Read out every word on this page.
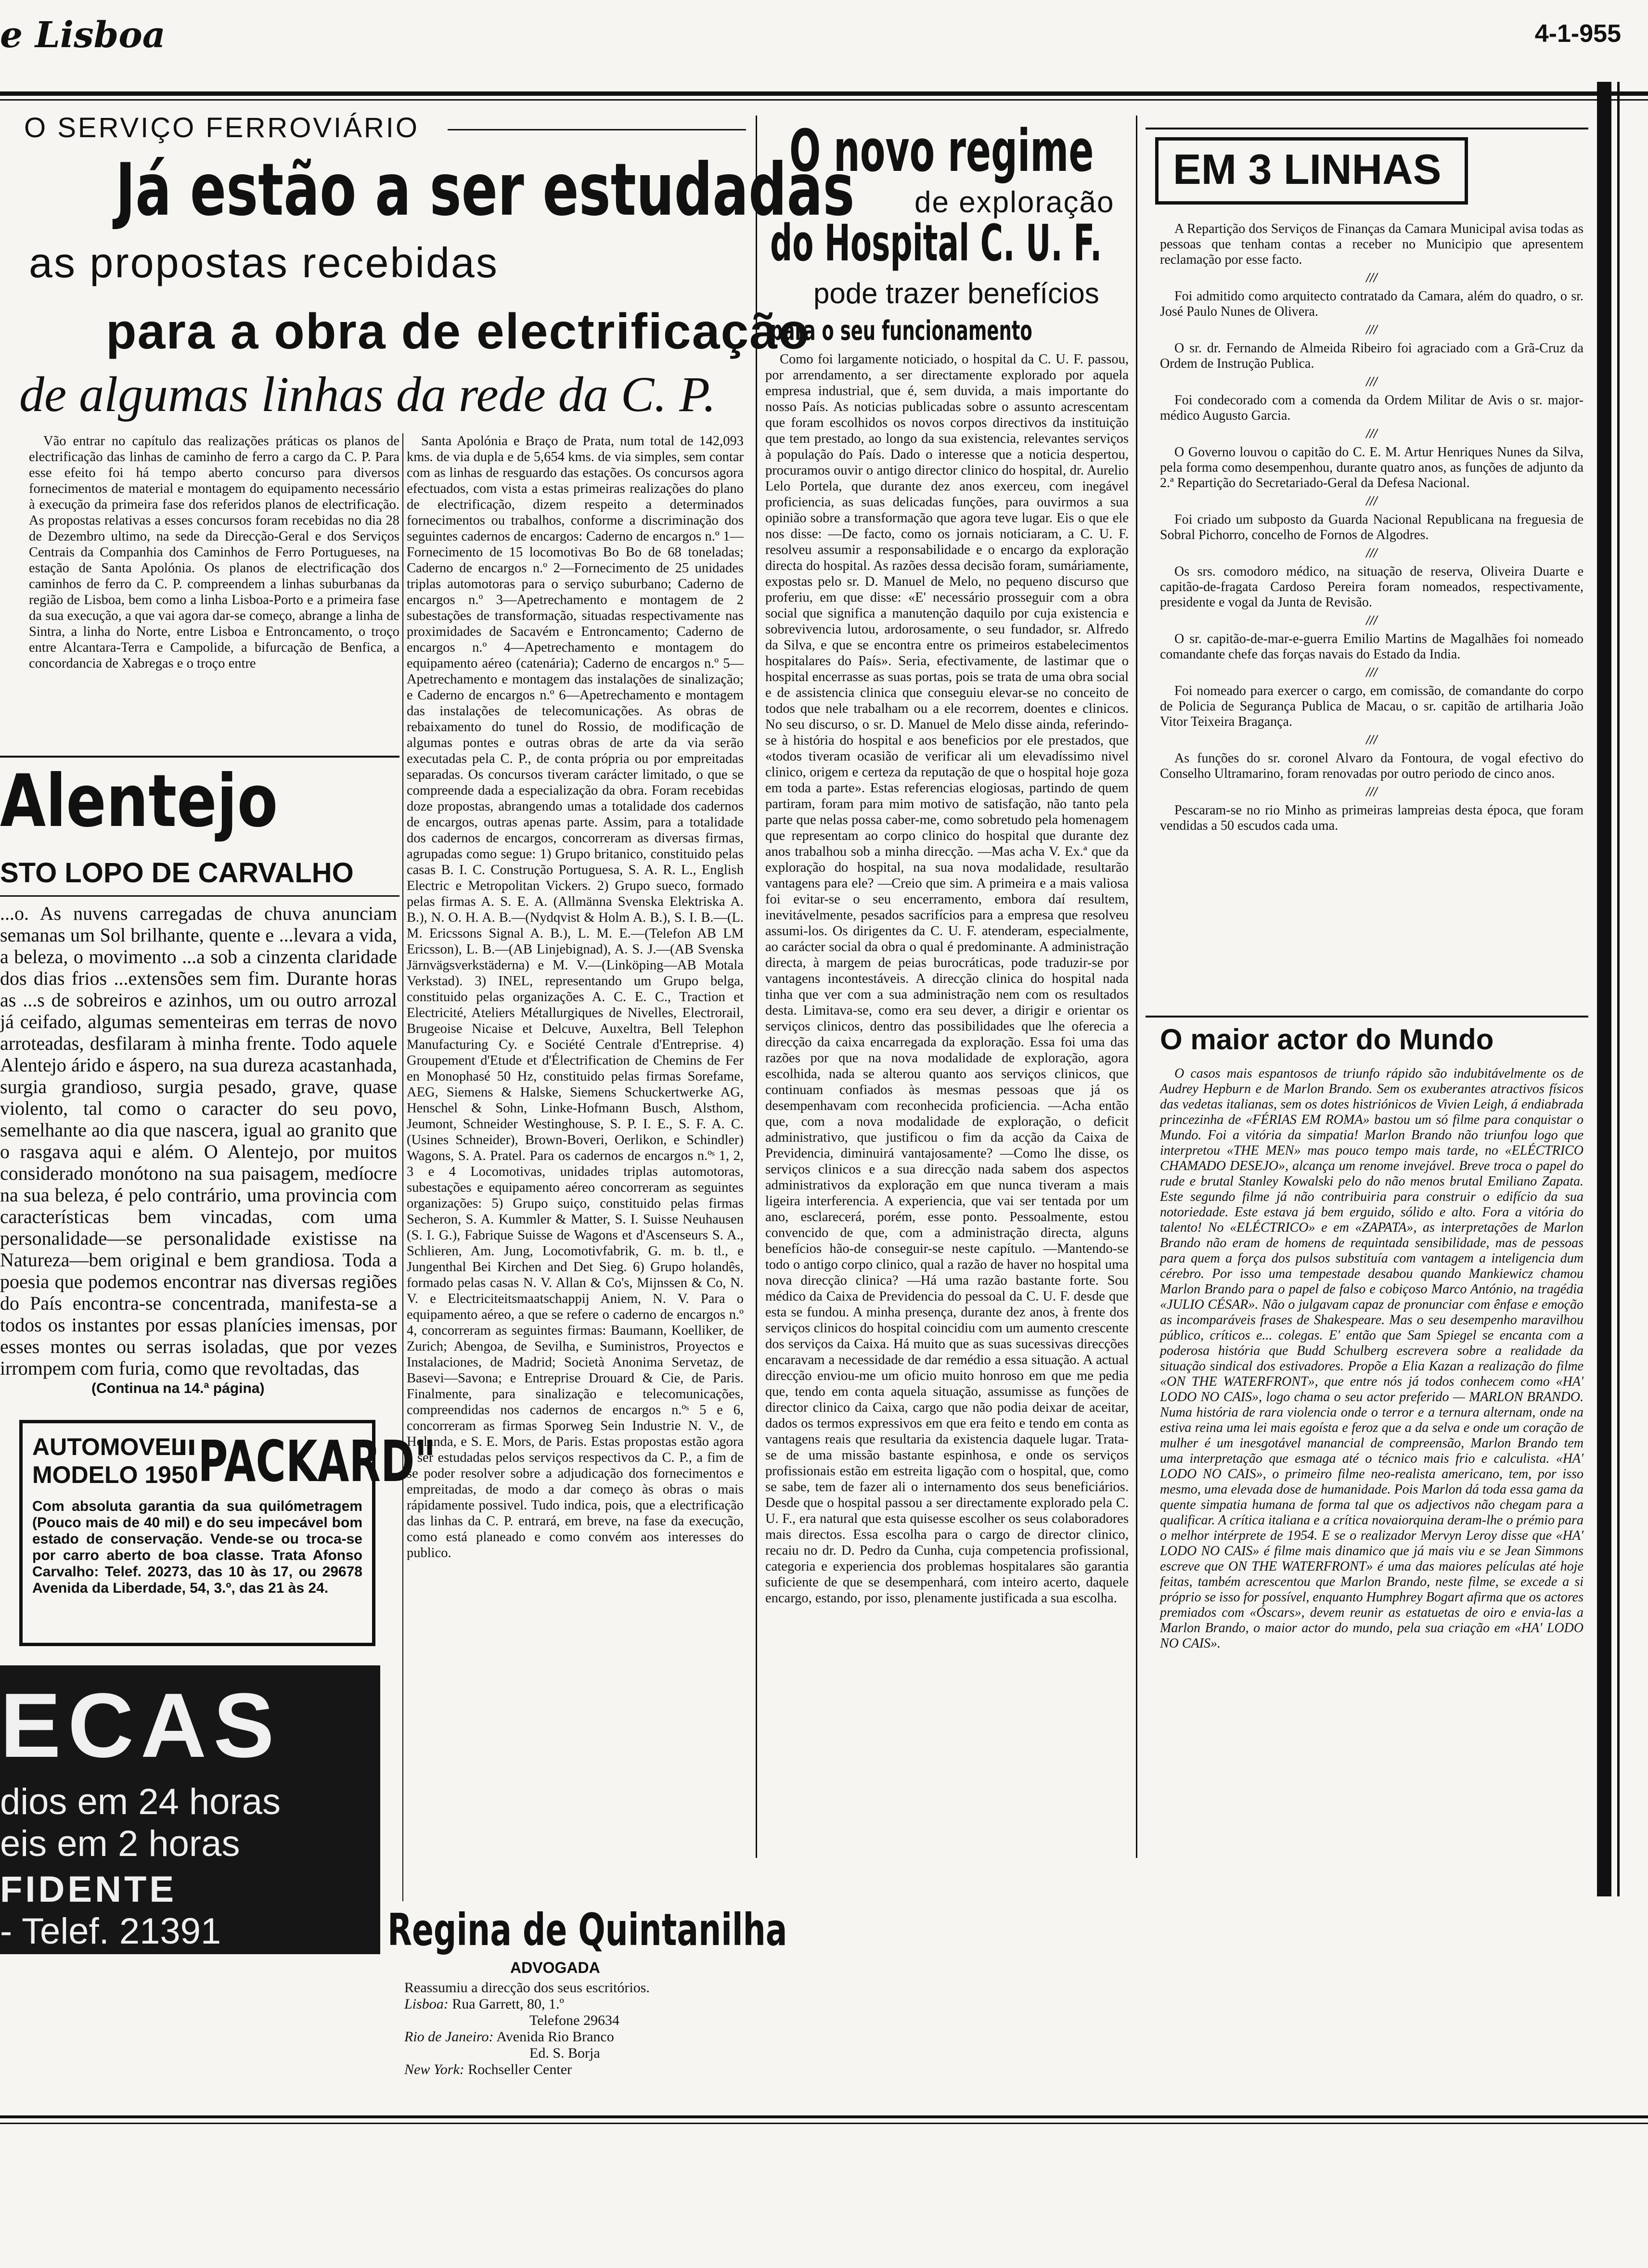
e Lisboa	4-1-955
O SERVIÇO FERROVIÁRIO
Já estão a ser estudadas
as propostas recebidas
para a obra de electrificação
de algumas linhas da rede da C. P.

Vão entrar no capítulo das realizações práticas os planos de electrificação das linhas de caminho de ferro a cargo da C. P. Para esse efeito foi há tempo aberto concurso para diversos fornecimentos de material e montagem do equipamento necessário à execução da primeira fase dos referidos planos de electrificação. As propostas relativas a esses concursos foram recebidas no dia 28 de Dezembro ultimo, na sede da Direcção-Geral e dos Serviços Centrais da Companhia dos Caminhos de Ferro Portugueses, na estação de Santa Apolónia. Os planos de electrificação dos caminhos de ferro da C. P. compreendem a linhas suburbanas da região de Lisboa, bem como a linha Lisboa-Porto e a primeira fase da sua execução, a que vai agora dar-se começo, abrange a linha de Sintra, a linha do Norte, entre Lisboa e Entroncamento, o troço entre Alcantara-Terra e Campolide, a bifurcação de Benfica, a concordancia de Xabregas e o troço entre

Santa Apolónia e Braço de Prata, num total de 142,093 kms. de via dupla e de 5,654 kms. de via simples, sem contar com as linhas de resguardo das estações. Os concursos agora efectuados, com vista a estas primeiras realizações do plano de electrificação, dizem respeito a determinados fornecimentos ou trabalhos, conforme a discriminação dos seguintes cadernos de encargos: Caderno de encargos n.º 1—Fornecimento de 15 locomotivas Bo Bo de 68 toneladas; Caderno de encargos n.º 2—Fornecimento de 25 unidades triplas automotoras para o serviço suburbano; Caderno de encargos n.º 3—Apetrechamento e montagem de 2 subestações de transformação, situadas respectivamente nas proximidades de Sacavém e Entroncamento; Caderno de encargos n.º 4—Apetrechamento e montagem do equipamento aéreo (catenária); Caderno de encargos n.º 5—Apetrechamento e montagem das instalações de sinalização; e Caderno de encargos n.º 6—Apetrechamento e montagem das instalações de telecomunicações. As obras de rebaixamento do tunel do Rossio, de modificação de algumas pontes e outras obras de arte da via serão executadas pela C. P., de conta própria ou por empreitadas separadas. Os concursos tiveram carácter limitado, o que se compreende dada a especialização da obra. Foram recebidas doze propostas, abrangendo umas a totalidade dos cadernos de encargos, outras apenas parte. Assim, para a totalidade dos cadernos de encargos, concorreram as diversas firmas, agrupadas como segue: 1) Grupo britanico, constituido pelas casas B. I. C. Construção Portuguesa, S. A. R. L., English Electric e Metropolitan Vickers. 2) Grupo sueco, formado pelas firmas A. S. E. A. (Allmänna Svenska Elektriska A. B.), N. O. H. A. B.—(Nydqvist & Holm A. B.), S. I. B.—(L. M. Ericssons Signal A. B.), L. M. E.—(Telefon AB LM Ericsson), L. B.—(AB Linjebignad), A. S. J.—(AB Svenska Järnvägsverkstäderna) e M. V.—(Linköping—AB Motala Verkstad). 3) INEL, representando um Grupo belga, constituido pelas organizações A. C. E. C., Traction et Electricité, Ateliers Métallurgiques de Nivelles, Electrorail, Brugeoise Nicaise et Delcuve, Auxeltra, Bell Telephon Manufacturing Cy. e Société Centrale d'Entreprise. 4) Groupement d'Etude et d'Électrification de Chemins de Fer en Monophasé 50 Hz, constituido pelas firmas Sorefame, AEG, Siemens & Halske, Siemens Schuckertwerke AG, Henschel & Sohn, Linke-Hofmann Busch, Alsthom, Jeumont, Schneider Westinghouse, S. P. I. E., S. F. A. C. (Usines Schneider), Brown-Boveri, Oerlikon, e Schindler) Wagons, S. A. Pratel. Para os cadernos de encargos n.ºˢ 1, 2, 3 e 4 Locomotivas, unidades triplas automotoras, subestações e equipamento aéreo concorreram as seguintes organizações: 5) Grupo suiço, constituido pelas firmas Secheron, S. A. Kummler & Matter, S. I. Suisse Neuhausen (S. I. G.), Fabrique Suisse de Wagons et d'Ascenseurs S. A., Schlieren, Am. Jung, Locomotivfabrik, G. m. b. tl., e Jungenthal Bei Kirchen and Det Sieg. 6) Grupo holandês, formado pelas casas N. V. Allan & Co's, Mijnssen & Co, N. V. e Electriciteitsmaatschappij Aniem, N. V. Para o equipamento aéreo, a que se refere o caderno de encargos n.º 4, concorreram as seguintes firmas: Baumann, Koelliker, de Zurich; Abengoa, de Sevilha, e Suministros, Proyectos e Instalaciones, de Madrid; Società Anonima Servetaz, de Basevi—Savona; e Entreprise Drouard & Cie, de Paris. Finalmente, para sinalização e telecomunicações, compreendidas nos cadernos de encargos n.ºˢ 5 e 6, concorreram as firmas Sporweg Sein Industrie N. V., de Holanda, e S. E. Mors, de Paris. Estas propostas estão agora a ser estudadas pelos serviços respectivos da C. P., a fim de se poder resolver sobre a adjudicação dos fornecimentos e empreitadas, de modo a dar começo às obras o mais rápidamente possivel. Tudo indica, pois, que a electrificação das linhas da C. P. entrará, em breve, na fase da execução, como está planeado e como convém aos interesses do publico.

Alentejo
STO LOPO DE CARVALHO

...o. As nuvens carregadas de chuva anunciam semanas um Sol brilhante, quente e ...levara a vida, a beleza, o movimento ...a sob a cinzenta claridade dos dias frios ...extensões sem fim. Durante horas as ...s de sobreiros e azinhos, um ou outro arrozal já ceifado, algumas sementeiras em terras de novo arroteadas, desfilaram à minha frente. Todo aquele Alentejo árido e áspero, na sua dureza acastanhada, surgia grandioso, surgia pesado, grave, quase violento, tal como o caracter do seu povo, semelhante ao dia que nascera, igual ao granito que o rasgava aqui e além. O Alentejo, por muitos considerado monótono na sua paisagem, medíocre na sua beleza, é pelo contrário, uma provincia com características bem vincadas, com uma personalidade—se personalidade existisse na Natureza—bem original e bem grandiosa. Toda a poesia que podemos encontrar nas diversas regiões do País encontra-se concentrada, manifesta-se a todos os instantes por essas planícies imensas, por esses montes ou serras isoladas, que por vezes irrompem com furia, como que revoltadas, das

(Continua na 14.ª página)
AUTOMOVEL
MODELO 1950
"PACKARD"
Com absoluta garantia da sua quilómetragem (Pouco mais de 40 mil) e do seu impecável bom estado de conservação. Vende-se ou troca-se por carro aberto de boa classe. Trata Afonso Carvalho: Telef. 20273, das 10 às 17, ou 29678 Avenida da Liberdade, 54, 3.º, das 21 às 24.
ECAS
dios em 24 horas
eis em 2 horas
FIDENTE
- Telef. 21391	Regina de Quintanilha
ADVOGADA
Reassumiu a direcção dos seus escritórios.
Lisboa: Rua Garrett, 80, 1.º
Telefone 29634
Rio de Janeiro: Avenida Rio Branco
Ed. S. Borja
New York: Rochseller Center
O novo regime
de exploração
do Hospital C. U. F.
pode trazer benefícios
para o seu funcionamento

Como foi largamente noticiado, o hospital da C. U. F. passou, por arrendamento, a ser directamente explorado por aquela empresa industrial, que é, sem duvida, a mais importante do nosso País. As noticias publicadas sobre o assunto acrescentam que foram escolhidos os novos corpos directivos da instituição que tem prestado, ao longo da sua existencia, relevantes serviços à população do País. Dado o interesse que a noticia despertou, procuramos ouvir o antigo director clinico do hospital, dr. Aurelio Lelo Portela, que durante dez anos exerceu, com inegável proficiencia, as suas delicadas funções, para ouvirmos a sua opinião sobre a transformação que agora teve lugar. Eis o que ele nos disse: —De facto, como os jornais noticiaram, a C. U. F. resolveu assumir a responsabilidade e o encargo da exploração directa do hospital. As razões dessa decisão foram, sumáriamente, expostas pelo sr. D. Manuel de Melo, no pequeno discurso que proferiu, em que disse: «E' necessário prosseguir com a obra social que significa a manutenção daquilo por cuja existencia e sobrevivencia lutou, ardorosamente, o seu fundador, sr. Alfredo da Silva, e que se encontra entre os primeiros estabelecimentos hospitalares do País». Seria, efectivamente, de lastimar que o hospital encerrasse as suas portas, pois se trata de uma obra social e de assistencia clinica que conseguiu elevar-se no conceito de todos que nele trabalham ou a ele recorrem, doentes e clinicos. No seu discurso, o sr. D. Manuel de Melo disse ainda, referindo-se à história do hospital e aos beneficios por ele prestados, que «todos tiveram ocasião de verificar ali um elevadíssimo nivel clinico, origem e certeza da reputação de que o hospital hoje goza em toda a parte». Estas referencias elogiosas, partindo de quem partiram, foram para mim motivo de satisfação, não tanto pela parte que nelas possa caber-me, como sobretudo pela homenagem que representam ao corpo clinico do hospital que durante dez anos trabalhou sob a minha direcção. —Mas acha V. Ex.ª que da exploração do hospital, na sua nova modalidade, resultarão vantagens para ele? —Creio que sim. A primeira e a mais valiosa foi evitar-se o seu encerramento, embora daí resultem, inevitávelmente, pesados sacrifícios para a empresa que resolveu assumi-los. Os dirigentes da C. U. F. atenderam, especialmente, ao carácter social da obra o qual é predominante. A administração directa, à margem de peias burocráticas, pode traduzir-se por vantagens incontestáveis. A direcção clinica do hospital nada tinha que ver com a sua administração nem com os resultados desta. Limitava-se, como era seu dever, a dirigir e orientar os serviços clinicos, dentro das possibilidades que lhe oferecia a direcção da caixa encarregada da exploração. Essa foi uma das razões por que na nova modalidade de exploração, agora escolhida, nada se alterou quanto aos serviços clinicos, que continuam confiados às mesmas pessoas que já os desempenhavam com reconhecida proficiencia. —Acha então que, com a nova modalidade de exploração, o deficit administrativo, que justificou o fim da acção da Caixa de Previdencia, diminuirá vantajosamente? —Como lhe disse, os serviços clinicos e a sua direcção nada sabem dos aspectos administrativos da exploração em que nunca tiveram a mais ligeira interferencia. A experiencia, que vai ser tentada por um ano, esclarecerá, porém, esse ponto. Pessoalmente, estou convencido de que, com a administração directa, alguns benefícios hão-de conseguir-se neste capítulo. —Mantendo-se todo o antigo corpo clinico, qual a razão de haver no hospital uma nova direcção clinica? —Há uma razão bastante forte. Sou médico da Caixa de Previdencia do pessoal da C. U. F. desde que esta se fundou. A minha presença, durante dez anos, à frente dos serviços clinicos do hospital coincidiu com um aumento crescente dos serviços da Caixa. Há muito que as suas sucessivas direcções encaravam a necessidade de dar remédio a essa situação. A actual direcção enviou-me um oficio muito honroso em que me pedia que, tendo em conta aquela situação, assumisse as funções de director clinico da Caixa, cargo que não podia deixar de aceitar, dados os termos expressivos em que era feito e tendo em conta as vantagens reais que resultaria da existencia daquele lugar. Trata-se de uma missão bastante espinhosa, e onde os serviços profissionais estão em estreita ligação com o hospital, que, como se sabe, tem de fazer ali o internamento dos seus beneficiários. Desde que o hospital passou a ser directamente explorado pela C. U. F., era natural que esta quisesse escolher os seus colaboradores mais directos. Essa escolha para o cargo de director clinico, recaiu no dr. D. Pedro da Cunha, cuja competencia profissional, categoria e experiencia dos problemas hospitalares são garantia suficiente de que se desempenhará, com inteiro acerto, daquele encargo, estando, por isso, plenamente justificada a sua escolha.

EM 3 LINHAS

A Repartição dos Serviços de Finanças da Camara Municipal avisa todas as pessoas que tenham contas a receber no Municipio que apresentem reclamação por esse facto.

///

Foi admitido como arquitecto contratado da Camara, além do quadro, o sr. José Paulo Nunes de Olivera.

///

O sr. dr. Fernando de Almeida Ribeiro foi agraciado com a Grã-Cruz da Ordem de Instrução Publica.

///

Foi condecorado com a comenda da Ordem Militar de Avis o sr. major-médico Augusto Garcia.

///

O Governo louvou o capitão do C. E. M. Artur Henriques Nunes da Silva, pela forma como desempenhou, durante quatro anos, as funções de adjunto da 2.ª Repartição do Secretariado-Geral da Defesa Nacional.

///

Foi criado um subposto da Guarda Nacional Republicana na freguesia de Sobral Pichorro, concelho de Fornos de Algodres.

///

Os srs. comodoro médico, na situação de reserva, Oliveira Duarte e capitão-de-fragata Cardoso Pereira foram nomeados, respectivamente, presidente e vogal da Junta de Revisão.

///

O sr. capitão-de-mar-e-guerra Emilio Martins de Magalhães foi nomeado comandante chefe das forças navais do Estado da India.

///

Foi nomeado para exercer o cargo, em comissão, de comandante do corpo de Policia de Segurança Publica de Macau, o sr. capitão de artilharia João Vitor Teixeira Bragança.

///

As funções do sr. coronel Alvaro da Fontoura, de vogal efectivo do Conselho Ultramarino, foram renovadas por outro periodo de cinco anos.

///

Pescaram-se no rio Minho as primeiras lampreias desta época, que foram vendidas a 50 escudos cada uma.

O maior actor do Mundo

O casos mais espantosos de triunfo rápido são indubitávelmente os de Audrey Hepburn e de Marlon Brando. Sem os exuberantes atractivos físicos das vedetas italianas, sem os dotes histriónicos de Vivien Leigh, á endiabrada princezinha de «FÉRIAS EM ROMA» bastou um só filme para conquistar o Mundo. Foi a vitória da simpatia! Marlon Brando não triunfou logo que interpretou «THE MEN» mas pouco tempo mais tarde, no «ELÉCTRICO CHAMADO DESEJO», alcança um renome invejável. Breve troca o papel do rude e brutal Stanley Kowalski pelo do não menos brutal Emiliano Zapata. Este segundo filme já não contribuiria para construir o edifício da sua notoriedade. Este estava já bem erguido, sólido e alto. Fora a vitória do talento! No «ELÉCTRICO» e em «ZAPATA», as interpretações de Marlon Brando não eram de homens de requintada sensibilidade, mas de pessoas para quem a força dos pulsos substituía com vantagem a inteligencia dum cérebro. Por isso uma tempestade desabou quando Mankiewicz chamou Marlon Brando para o papel de falso e cobiçoso Marco António, na tragédia «JULIO CÉSAR». Não o julgavam capaz de pronunciar com ênfase e emoção as incomparáveis frases de Shakespeare. Mas o seu desempenho maravilhou público, críticos e... colegas. E' então que Sam Spiegel se encanta com a poderosa história que Budd Schulberg escrevera sobre a realidade da situação sindical dos estivadores. Propõe a Elia Kazan a realização do filme «ON THE WATERFRONT», que entre nós já todos conhecem como «HA' LODO NO CAIS», logo chama o seu actor preferido — MARLON BRANDO. Numa história de rara violencia onde o terror e a ternura alternam, onde na estiva reina uma lei mais egoísta e feroz que a da selva e onde um coração de mulher é um inesgotável manancial de compreensão, Marlon Brando tem uma interpretação que esmaga até o técnico mais frio e calculista. «HA' LODO NO CAIS», o primeiro filme neo-realista americano, tem, por isso mesmo, uma elevada dose de humanidade. Pois Marlon dá toda essa gama da quente simpatia humana de forma tal que os adjectivos não chegam para a qualificar. A crítica italiana e a crítica novaiorquina deram-lhe o prémio para o melhor intérprete de 1954. E se o realizador Mervyn Leroy disse que «HA' LODO NO CAIS» é filme mais dinamico que já mais viu e se Jean Simmons escreve que ON THE WATERFRONT» é uma das maiores películas até hoje feitas, também acrescentou que Marlon Brando, neste filme, se excede a si próprio se isso for possível, enquanto Humphrey Bogart afirma que os actores premiados com «Óscars», devem reunir as estatuetas de oiro e envia-las a Marlon Brando, o maior actor do mundo, pela sua criação em «HA' LODO NO CAIS».
